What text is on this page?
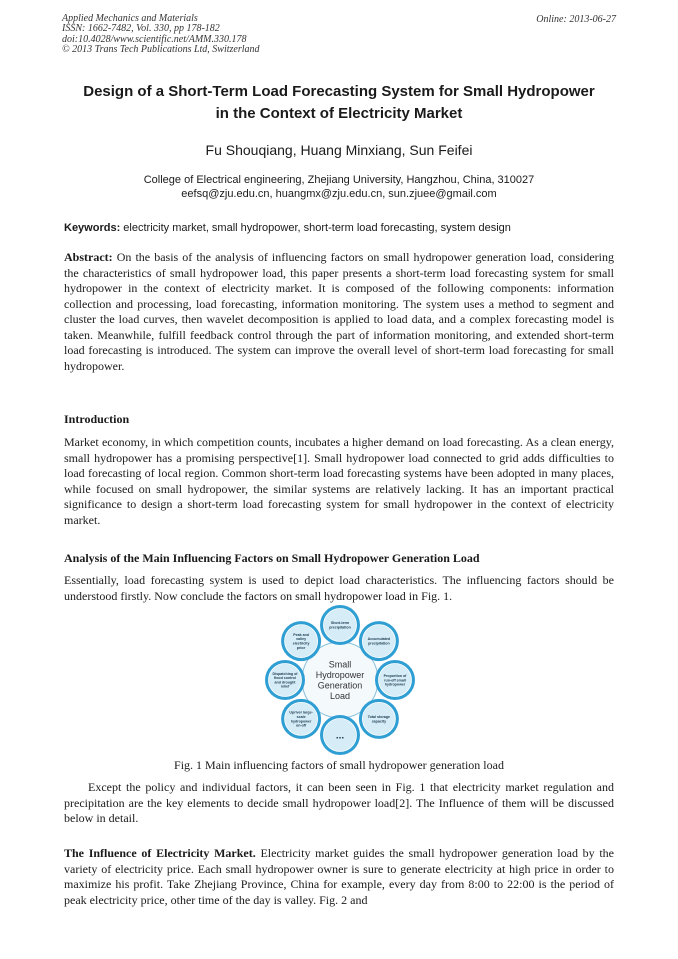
Applied Mechanics and Materials
ISSN: 1662-7482, Vol. 330, pp 178-182
doi:10.4028/www.scientific.net/AMM.330.178
© 2013 Trans Tech Publications Ltd, Switzerland
Online: 2013-06-27
Design of a Short-Term Load Forecasting System for Small Hydropower
in the Context of Electricity Market
Fu Shouqiang, Huang Minxiang, Sun Feifei
College of Electrical engineering, Zhejiang University, Hangzhou, China, 310027
eefsq@zju.edu.cn, huangmx@zju.edu.cn, sun.zjuee@gmail.com
Keywords: electricity market, small hydropower, short-term load forecasting, system design
Abstract: On the basis of the analysis of influencing factors on small hydropower generation load, considering the characteristics of small hydropower load, this paper presents a short-term load forecasting system for small hydropower in the context of electricity market. It is composed of the following components: information collection and processing, load forecasting, information monitoring. The system uses a method to segment and cluster the load curves, then wavelet decomposition is applied to load data, and a complex forecasting model is taken. Meanwhile, fulfill feedback control through the part of information monitoring, and extended short-term load forecasting is introduced. The system can improve the overall level of short-term load forecasting for small hydropower.
Introduction
Market economy, in which competition counts, incubates a higher demand on load forecasting. As a clean energy, small hydropower has a promising perspective[1]. Small hydropower load connected to grid adds difficulties to load forecasting of local region. Common short-term load forecasting systems have been adopted in many places, while focused on small hydropower, the similar systems are relatively lacking. It has an important practical significance to design a short-term load forecasting system for small hydropower in the context of electricity market.
Analysis of the Main Influencing Factors on Small Hydropower Generation Load
Essentially, load forecasting system is used to depict load characteristics. The influencing factors should be understood firstly. Now conclude the factors on small hydropower load in Fig. 1.
Small Hydropower Generation Load
Short-term precipitation
Accumulated precipitation
Proportion of run-off small hydropower
Total storage capacity
...
Upriver large-scale hydropower on-off
Dispatching of flood control and drought relief
Peak and valley electricity price
Fig. 1 Main influencing factors of small hydropower generation load
Except the policy and individual factors, it can been seen in Fig. 1 that electricity market regulation and precipitation are the key elements to decide small hydropower load[2]. The Influence of them will be discussed below in detail.
The Influence of Electricity Market. Electricity market guides the small hydropower generation load by the variety of electricity price. Each small hydropower owner is sure to generate electricity at high price in order to maximize his profit. Take Zhejiang Province, China for example, every day from 8:00 to 22:00 is the period of peak electricity price, other time of the day is valley. Fig. 2 and
